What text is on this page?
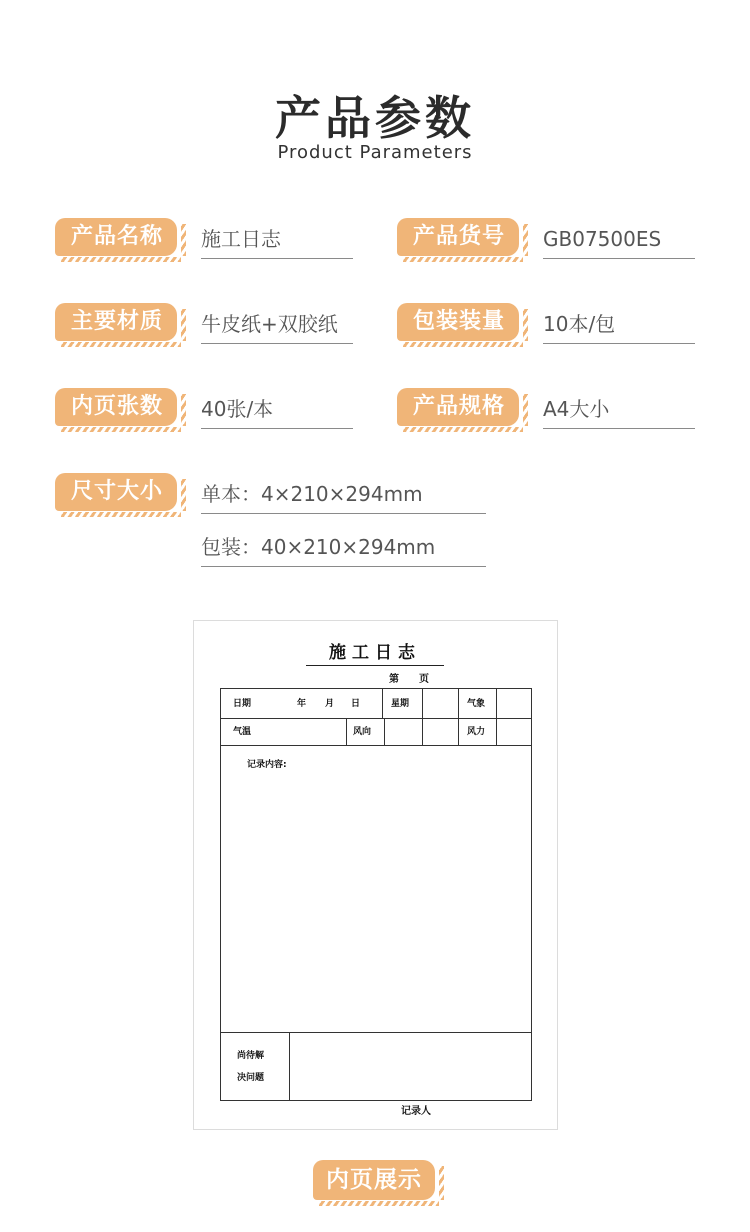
产品参数
Product Parameters
产品名称	施工日志	产品货号	GB07500ES
主要材质	牛皮纸+双胶纸	包装装量	10本/包
内页张数	40张/本	产品规格	A4大小
尺寸大小	单本：4×210×294mm
包装：40×210×294mm
施工日志
第　　页
日期	年 月 日	星期	气象
气温	风向	风力
记录内容:
尚待解
决问题
记录人
内页展示
